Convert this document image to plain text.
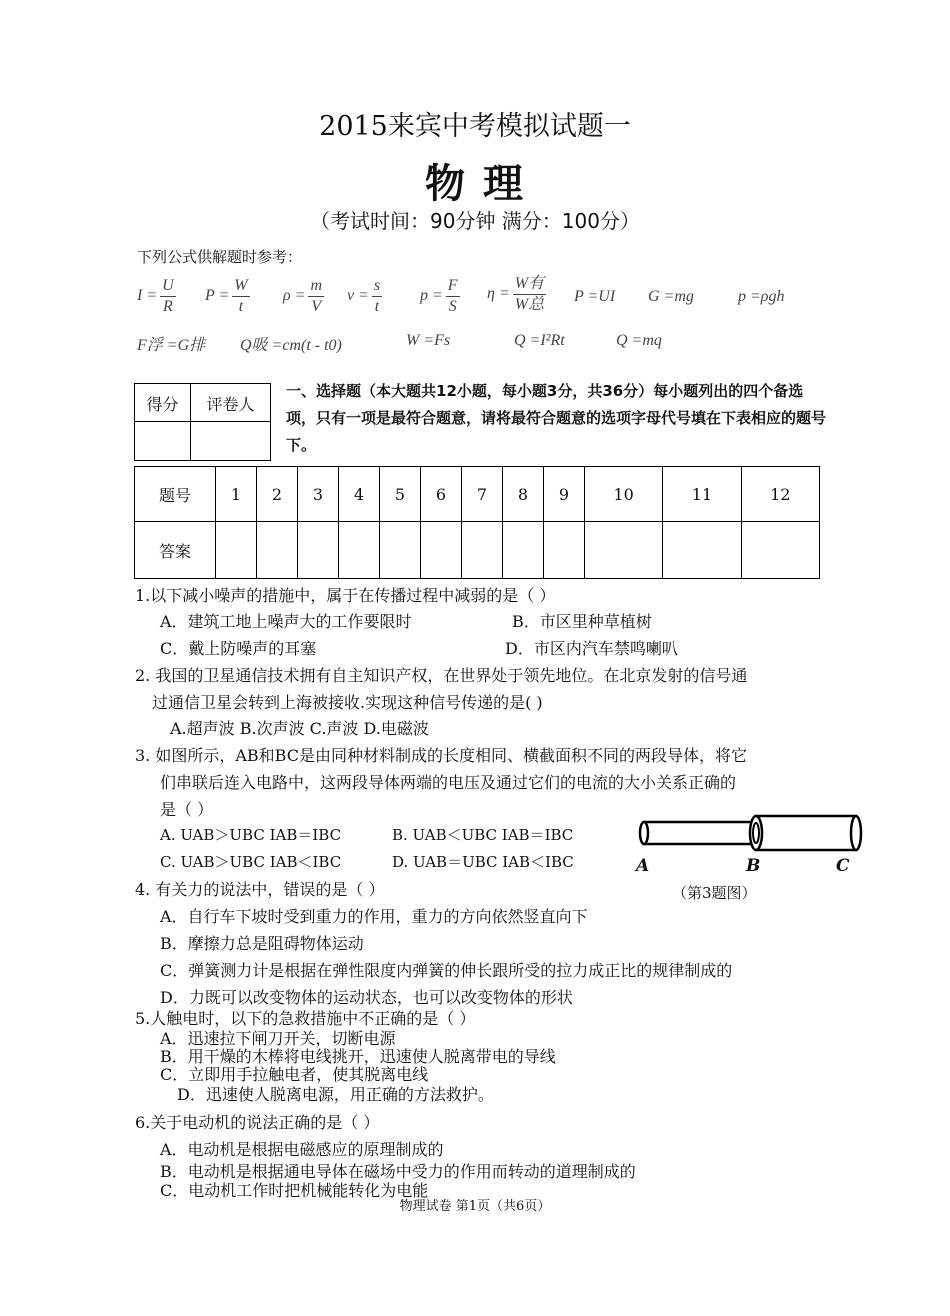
2015来宾中考模拟试题一
物 理
（考试时间：90分钟 满分：100分）
下列公式供解题时参考：
$I = \frac{U}{R}$ $P = \frac{W}{t}$ $\rho = \frac{m}{V}$ $v = \frac{s}{t}$ $p = \frac{F}{S}$ $\eta = \frac{\text{W有}}{\text{W总}}$ P =UI G =mg	p =ρgh
F浮 =G排 Q吸 =cm(t - t0)	W =Fs	Q =I²Rt	Q =mq
得分	评卷人
一、选择题（本大题共12小题，每小题3分，共36分）每小题列出的四个备选项，只有一项是最符合题意，请将最符合题意的选项字母代号填在下表相应的题号下。
题号	1	2	3	4	5	6	7	8	9	10	11	12
答案												
1.以下减小噪声的措施中，属于在传播过程中减弱的是（ ）
A．建筑工地上噪声大的工作要限时	B．市区里种草植树
C．戴上防噪声的耳塞	D．市区内汽车禁鸣喇叭
2. 我国的卫星通信技术拥有自主知识产权，在世界处于领先地位。在北京发射的信号通
过通信卫星会转到上海被接收.实现这种信号传递的是( )
A.超声波 B.次声波 C.声波 D.电磁波
3. 如图所示，AB和BC是由同种材料制成的长度相同、横截面积不同的两段导体，将它
们串联后连入电路中，这两段导体两端的电压及通过它们的电流的大小关系正确的
是（ ）
A. UAB＞UBC IAB＝IBC	B. UAB＜UBC IAB＝IBC
C. UAB＞UBC IAB＜IBC	D. UAB＝UBC IAB＜IBC	A	B	C
（第3题图）
4. 有关力的说法中，错误的是（ ）
A．自行车下坡时受到重力的作用，重力的方向依然竖直向下
B．摩擦力总是阻碍物体运动
C．弹簧测力计是根据在弹性限度内弹簧的伸长跟所受的拉力成正比的规律制成的
D．力既可以改变物体的运动状态，也可以改变物体的形状
5.人触电时，以下的急救措施中不正确的是（ ）
A．迅速拉下闸刀开关，切断电源
B．用干燥的木棒将电线挑开，迅速使人脱离带电的导线
C．立即用手拉触电者，使其脱离电线
D．迅速使人脱离电源，用正确的方法救护。
6.关于电动机的说法正确的是（ ）
A．电动机是根据电磁感应的原理制成的
B．电动机是根据通电导体在磁场中受力的作用而转动的道理制成的
C．电动机工作时把机械能转化为电能
物理试卷 第1页（共6页）
